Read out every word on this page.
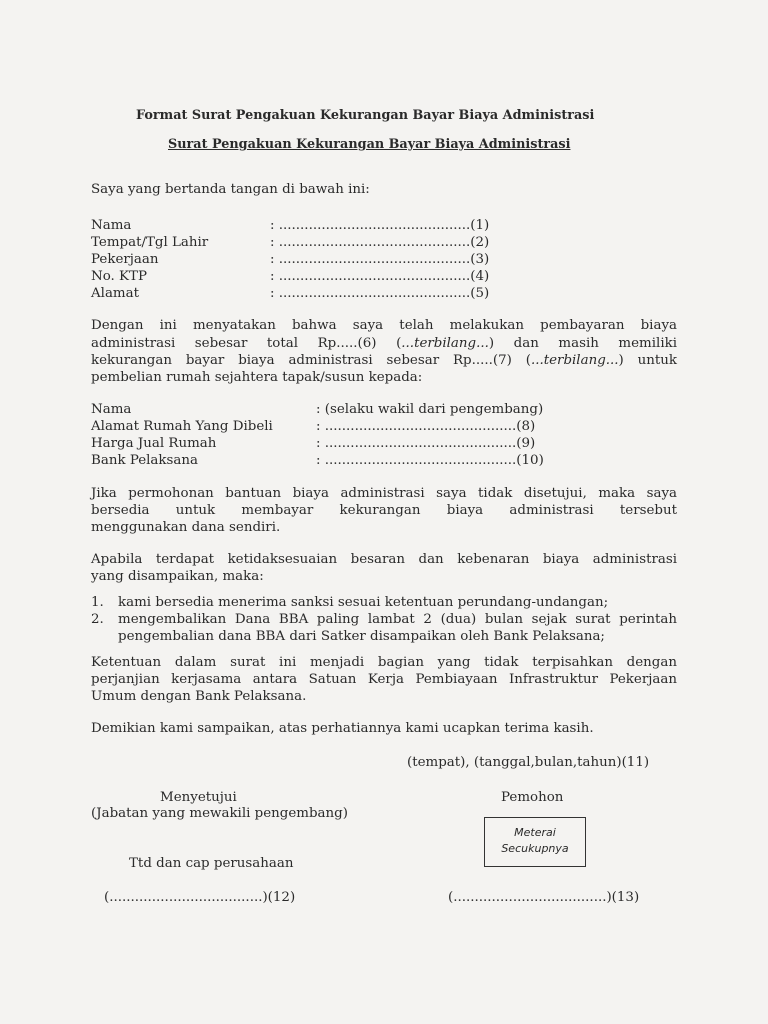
Format Surat Pengakuan Kekurangan Bayar Biaya Administrasi
Surat Pengakuan Kekurangan Bayar Biaya Administrasi
Saya yang bertanda tangan di bawah ini:
Nama	: .............................................(1)
Tempat/Tgl Lahir	: .............................................(2)
Pekerjaan	: .............................................(3)
No. KTP	: .............................................(4)
Alamat	: .............................................(5)
Dengan ini menyatakan bahwa saya telah melakukan pembayaran biaya
administrasi sebesar total Rp.....(6) (...terbilang...) dan masih memiliki
kekurangan bayar biaya administrasi sebesar Rp.....(7) (...terbilang...) untuk
pembelian rumah sejahtera tapak/susun kepada:
Nama	: (selaku wakil dari pengembang)
Alamat Rumah Yang Dibeli	: .............................................(8)
Harga Jual Rumah	: .............................................(9)
Bank Pelaksana	: .............................................(10)
Jika permohonan bantuan biaya administrasi saya tidak disetujui, maka saya
bersedia untuk membayar kekurangan biaya administrasi tersebut
menggunakan dana sendiri.
Apabila terdapat ketidaksesuaian besaran dan kebenaran biaya administrasi
yang disampaikan, maka:
1. kami bersedia menerima sanksi sesuai ketentuan perundang-undangan;
2. mengembalikan Dana BBA paling lambat 2 (dua) bulan sejak surat perintah
pengembalian dana BBA dari Satker disampaikan oleh Bank Pelaksana;
Ketentuan dalam surat ini menjadi bagian yang tidak terpisahkan dengan
perjanjian kerjasama antara Satuan Kerja Pembiayaan Infrastruktur Pekerjaan
Umum dengan Bank Pelaksana.
Demikian kami sampaikan, atas perhatiannya kami ucapkan terima kasih.
(tempat), (tanggal,bulan,tahun)(11)
Menyetujui
(Jabatan yang mewakili pengembang)
Ttd dan cap perusahaan
(....................................)(12)
Pemohon
Meterai
Secukupnya
(....................................)(13)
